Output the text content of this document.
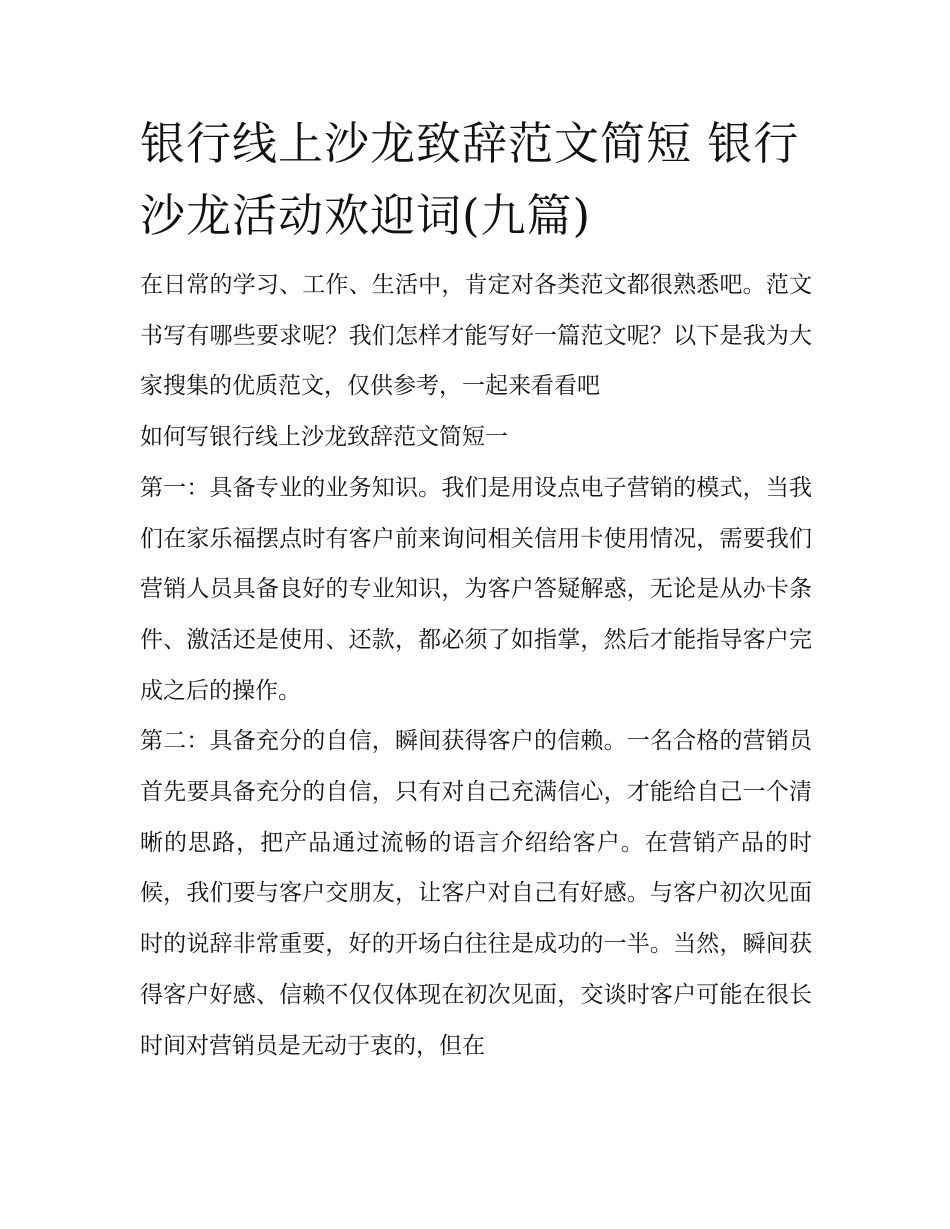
银行线上沙龙致辞范文简短 银行沙龙活动欢迎词(九篇)

在日常的学习、工作、生活中，肯定对各类范文都很熟悉吧。范文书写有哪些要求呢？我们怎样才能写好一篇范文呢？以下是我为大家搜集的优质范文，仅供参考，一起来看看吧

如何写银行线上沙龙致辞范文简短一

第一：具备专业的业务知识。我们是用设点电子营销的模式，当我们在家乐福摆点时有客户前来询问相关信用卡使用情况，需要我们营销人员具备良好的专业知识，为客户答疑解惑，无论是从办卡条件、激活还是使用、还款，都必须了如指掌，然后才能指导客户完成之后的操作。

第二：具备充分的自信，瞬间获得客户的信赖。一名合格的营销员首先要具备充分的自信，只有对自己充满信心，才能给自己一个清晰的思路，把产品通过流畅的语言介绍给客户。在营销产品的时候，我们要与客户交朋友，让客户对自己有好感。与客户初次见面时的说辞非常重要，好的开场白往往是成功的一半。当然，瞬间获得客户好感、信赖不仅仅体现在初次见面，交谈时客户可能在很长时间对营销员是无动于衷的，但在
